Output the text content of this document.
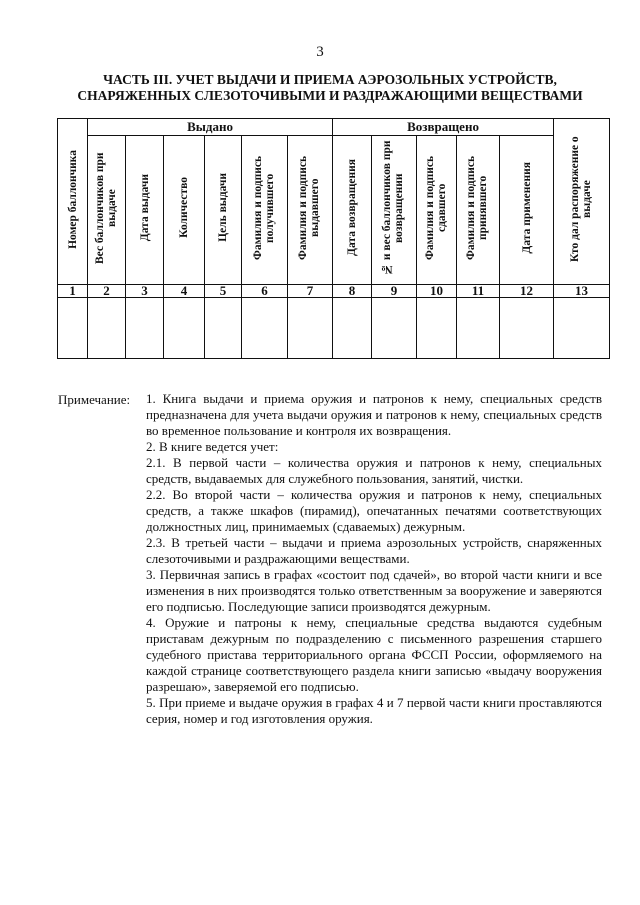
3
ЧАСТЬ III. УЧЕТ ВЫДАЧИ И ПРИЕМА АЭРОЗОЛЬНЫХ УСТРОЙСТВ,
СНАРЯЖЕННЫХ СЛЕЗОТОЧИВЫМИ И РАЗДРАЖАЮЩИМИ ВЕЩЕСТВАМИ
Номер баллончика	Выдано						Возвращено					Кто дал распоряжение о выдаче
	Вес баллончиков при выдаче	Дата выдачи	Количество	Цель выдачи	Фамилия и подпись получившего	Фамилия и подпись выдавшего	Дата возвращения	№ и вес баллончиков при возвращении	Фамилия и подпись сдавшего	Фамилия и подпись принявшего	Дата применения	
1	2	3	4	5	6	7	8	9	10	11	12	13

Примечание: 1. Книга выдачи и приема оружия и патронов к нему, специальных средств предназначена для учета выдачи оружия и патронов к нему, специальных средств во временное пользование и контроля их возвращения.

2. В книге ведется учет:

2.1. В первой части – количества оружия и патронов к нему, специальных средств, выдаваемых для служебного пользования, занятий, чистки.

2.2. Во второй части – количества оружия и патронов к нему, специальных средств, а также шкафов (пирамид), опечатанных печатями соответствующих должностных лиц, принимаемых (сдаваемых) дежурным.

2.3. В третьей части – выдачи и приема аэрозольных устройств, снаряженных слезоточивыми и раздражающими веществами.

3. Первичная запись в графах «состоит под сдачей», во второй части книги и все изменения в них производятся только ответственным за вооружение и заверяются его подписью. Последующие записи производятся дежурным.

4. Оружие и патроны к нему, специальные средства выдаются судебным приставам дежурным по подразделению с письменного разрешения старшего судебного пристава территориального органа ФССП России, оформляемого на каждой странице соответствующего раздела книги записью «выдачу вооружения разрешаю», заверяемой его подписью.

5. При приеме и выдаче оружия в графах 4 и 7 первой части книги проставляются серия, номер и год изготовления оружия.
